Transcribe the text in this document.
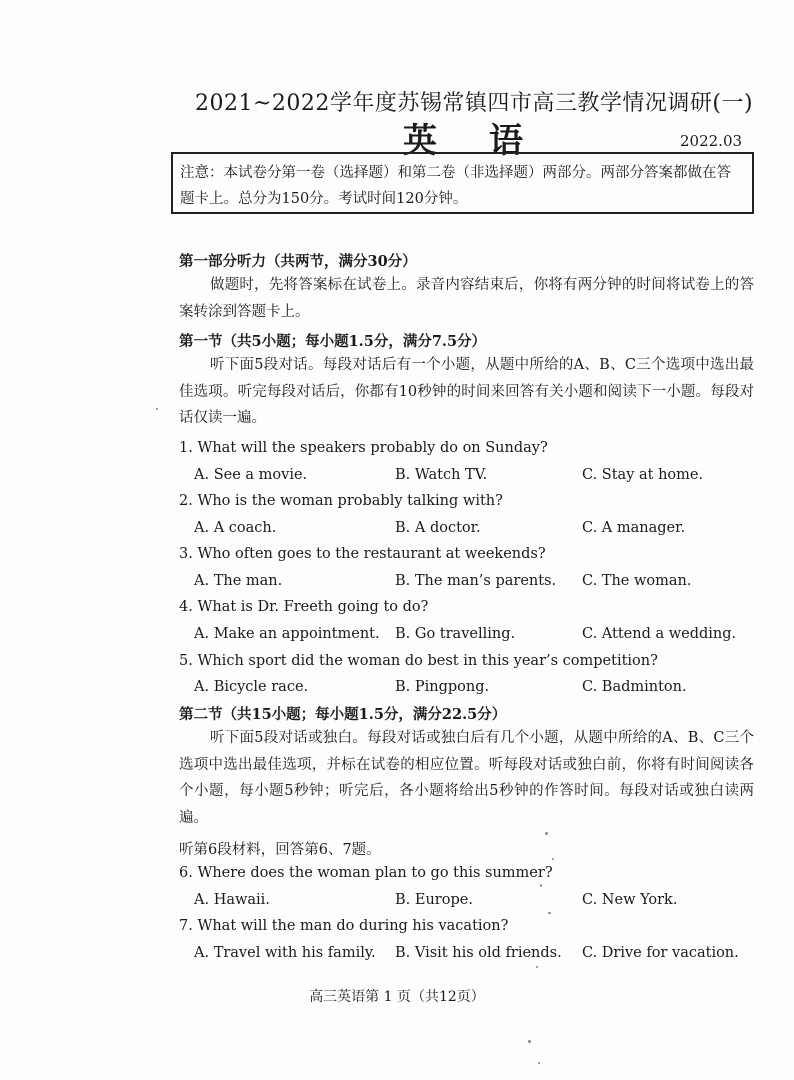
2021~2022学年度苏锡常镇四市高三教学情况调研(一)
英语	2022.03
注意：本试卷分第一卷（选择题）和第二卷（非选择题）两部分。两部分答案都做在答题卡上。总分为150分。考试时间120分钟。
第一部分听力（共两节，满分30分）
做题时，先将答案标在试卷上。录音内容结束后，你将有两分钟的时间将试卷上的答案转涂到答题卡上。
第一节（共5小题；每小题1.5分，满分7.5分）
听下面5段对话。每段对话后有一个小题，从题中所给的A、B、C三个选项中选出最佳选项。听完每段对话后，你都有10秒钟的时间来回答有关小题和阅读下一小题。每段对话仅读一遍。
1. What will the speakers probably do on Sunday?
A. See a movie.	B. Watch TV.	C. Stay at home.
2. Who is the woman probably talking with?
A. A coach.	B. A doctor.	C. A manager.
3. Who often goes to the restaurant at weekends?
A. The man.	B. The man’s parents. C. The woman.
4. What is Dr. Freeth going to do?
A. Make an appointment. B. Go travelling.	C. Attend a wedding.
5. Which sport did the woman do best in this year’s competition?
A. Bicycle race.	B. Pingpong.	C. Badminton.
第二节（共15小题；每小题1.5分，满分22.5分）
听下面5段对话或独白。每段对话或独白后有几个小题，从题中所给的A、B、C三个选项中选出最佳选项，并标在试卷的相应位置。听每段对话或独白前，你将有时间阅读各个小题，每小题5秒钟；听完后，各小题将给出5秒钟的作答时间。每段对话或独白读两遍。
听第6段材料，回答第6、7题。
6. Where does the woman plan to go this summer?
A. Hawaii.	B. Europe.	C. New York.
7. What will the man do during his vacation?
A. Travel with his family. B. Visit his old friends. C. Drive for vacation.
高三英语第 1 页（共12页）
